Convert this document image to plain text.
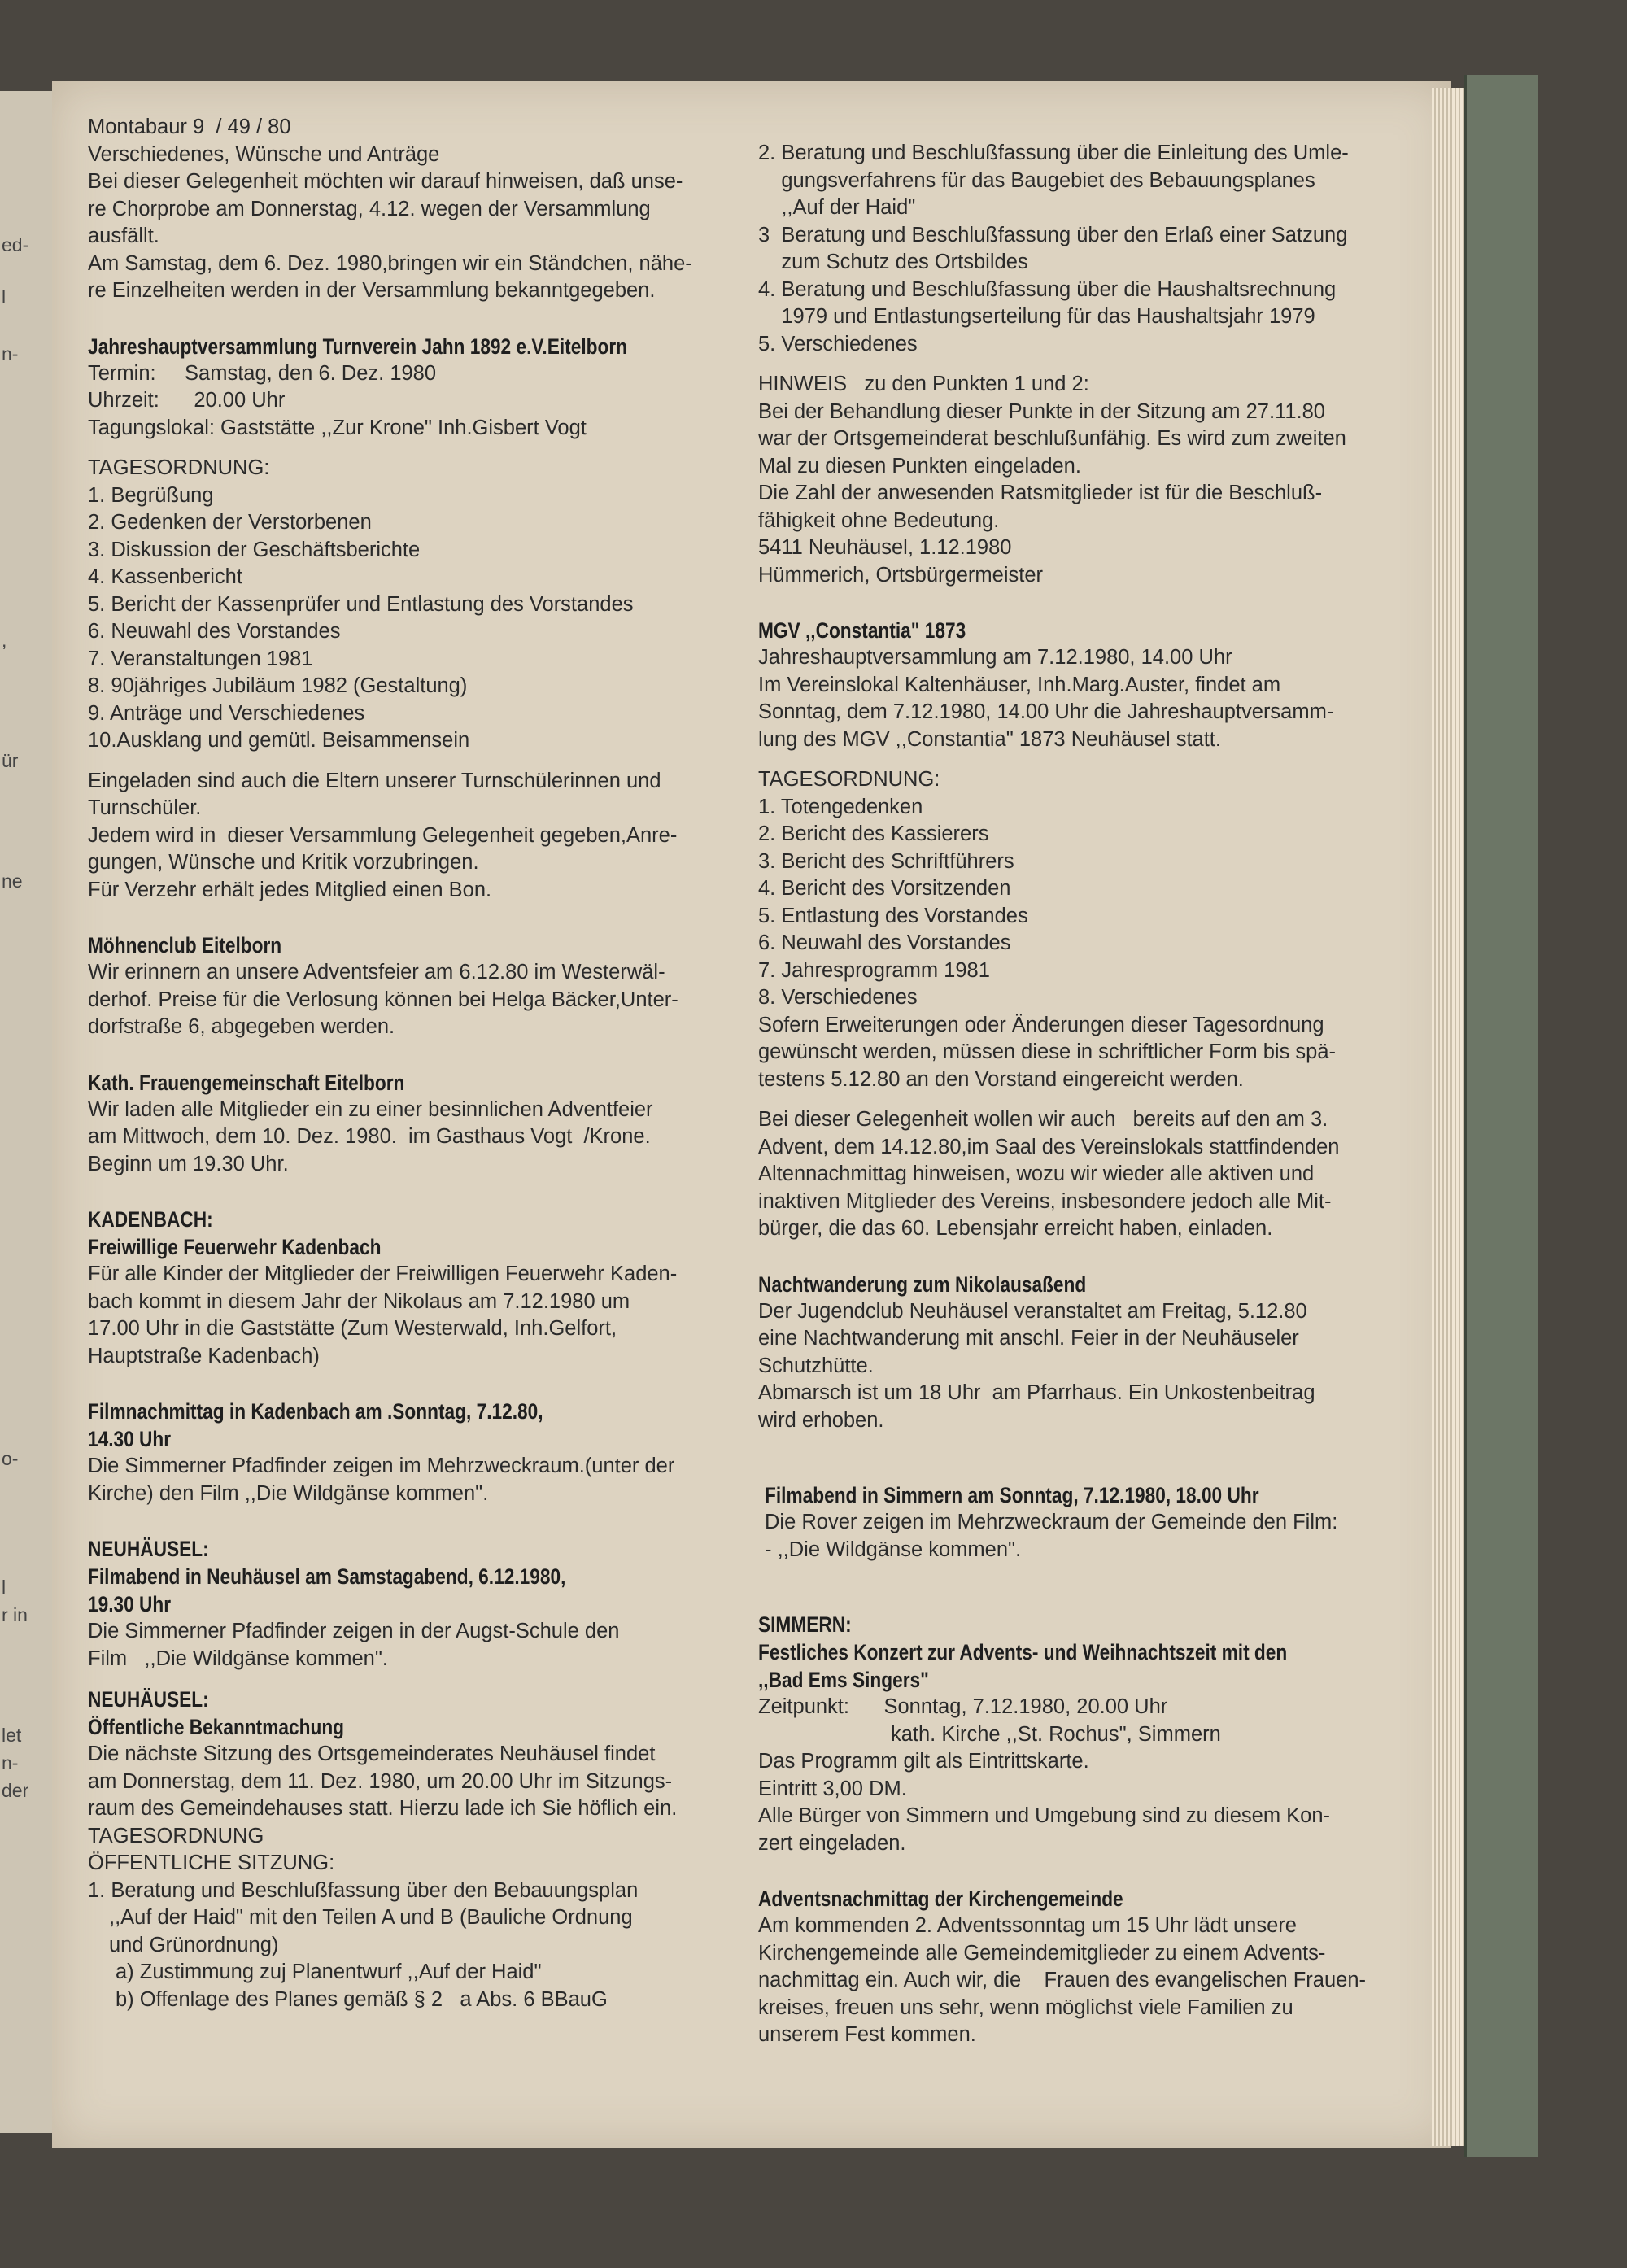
ed-
l
n-
,
ür
ne
o-
l
r in
let
n-
der
Montabaur 9  / 49 / 80
Verschiedenes, Wünsche und Anträge
Bei dieser Gelegenheit möchten wir darauf hinweisen, daß unse-
re Chorprobe am Donnerstag, 4.12. wegen der Versammlung
ausfällt.
Am Samstag, dem 6. Dez. 1980,bringen wir ein Ständchen, nähe-
re Einzelheiten werden in der Versammlung bekanntgegeben.
Jahreshauptversammlung Turnverein Jahn 1892 e.V.Eitelborn
Termin:     Samstag, den 6. Dez. 1980
Uhrzeit:      20.00 Uhr
Tagungslokal: Gaststätte ,,Zur Krone" Inh.Gisbert Vogt
TAGESORDNUNG:
1. Begrüßung
2. Gedenken der Verstorbenen
3. Diskussion der Geschäftsberichte
4. Kassenbericht
5. Bericht der Kassenprüfer und Entlastung des Vorstandes
6. Neuwahl des Vorstandes
7. Veranstaltungen 1981
8. 90jähriges Jubiläum 1982 (Gestaltung)
9. Anträge und Verschiedenes
10.Ausklang und gemütl. Beisammensein
Eingeladen sind auch die Eltern unserer Turnschülerinnen und
Turnschüler.
Jedem wird in  dieser Versammlung Gelegenheit gegeben,Anre-
gungen, Wünsche und Kritik vorzubringen.
Für Verzehr erhält jedes Mitglied einen Bon.
Möhnenclub Eitelborn
Wir erinnern an unsere Adventsfeier am 6.12.80 im Westerwäl-
derhof. Preise für die Verlosung können bei Helga Bäcker,Unter-
dorfstraße 6, abgegeben werden.
Kath. Frauengemeinschaft Eitelborn
Wir laden alle Mitglieder ein zu einer besinnlichen Adventfeier
am Mittwoch, dem 10. Dez. 1980.  im Gasthaus Vogt  /Krone.
Beginn um 19.30 Uhr.
KADENBACH:
Freiwillige Feuerwehr Kadenbach
Für alle Kinder der Mitglieder der Freiwilligen Feuerwehr Kaden-
bach kommt in diesem Jahr der Nikolaus am 7.12.1980 um
17.00 Uhr in die Gaststätte (Zum Westerwald, Inh.Gelfort,
Hauptstraße Kadenbach)
Filmnachmittag in Kadenbach am .Sonntag, 7.12.80,
14.30 Uhr
Die Simmerner Pfadfinder zeigen im Mehrzweckraum.(unter der
Kirche) den Film ,,Die Wildgänse kommen".
NEUHÄUSEL:
Filmabend in Neuhäusel am Samstagabend, 6.12.1980,
19.30 Uhr
Die Simmerner Pfadfinder zeigen in der Augst-Schule den
Film   ,,Die Wildgänse kommen".
NEUHÄUSEL:
Öffentliche Bekanntmachung
Die nächste Sitzung des Ortsgemeinderates Neuhäusel findet
am Donnerstag, dem 11. Dez. 1980, um 20.00 Uhr im Sitzungs-
raum des Gemeindehauses statt. Hierzu lade ich Sie höflich ein.
TAGESORDNUNG
ÖFFENTLICHE SITZUNG:
1. Beratung und Beschlußfassung über den Bebauungsplan
,,Auf der Haid" mit den Teilen A und B (Bauliche Ordnung
und Grünordnung)
a) Zustimmung zuj Planentwurf ,,Auf der Haid"
b) Offenlage des Planes gemäß § 2   a Abs. 6 BBauG
2. Beratung und Beschlußfassung über die Einleitung des Umle-
gungsverfahrens für das Baugebiet des Bebauungsplanes
,,Auf der Haid"
3  Beratung und Beschlußfassung über den Erlaß einer Satzung
zum Schutz des Ortsbildes
4. Beratung und Beschlußfassung über die Haushaltsrechnung
1979 und Entlastungserteilung für das Haushaltsjahr 1979
5. Verschiedenes
HINWEIS   zu den Punkten 1 und 2:
Bei der Behandlung dieser Punkte in der Sitzung am 27.11.80
war der Ortsgemeinderat beschlußunfähig. Es wird zum zweiten
Mal zu diesen Punkten eingeladen.
Die Zahl der anwesenden Ratsmitglieder ist für die Beschluß-
fähigkeit ohne Bedeutung.
5411 Neuhäusel, 1.12.1980
Hümmerich, Ortsbürgermeister
MGV ,,Constantia" 1873
Jahreshauptversammlung am 7.12.1980, 14.00 Uhr
Im Vereinslokal Kaltenhäuser, Inh.Marg.Auster, findet am
Sonntag, dem 7.12.1980, 14.00 Uhr die Jahreshauptversamm-
lung des MGV ,,Constantia" 1873 Neuhäusel statt.
TAGESORDNUNG:
1. Totengedenken
2. Bericht des Kassierers
3. Bericht des Schriftführers
4. Bericht des Vorsitzenden
5. Entlastung des Vorstandes
6. Neuwahl des Vorstandes
7. Jahresprogramm 1981
8. Verschiedenes
Sofern Erweiterungen oder Änderungen dieser Tagesordnung
gewünscht werden, müssen diese in schriftlicher Form bis spä-
testens 5.12.80 an den Vorstand eingereicht werden.
Bei dieser Gelegenheit wollen wir auch   bereits auf den am 3.
Advent, dem 14.12.80,im Saal des Vereinslokals stattfindenden
Altennachmittag hinweisen, wozu wir wieder alle aktiven und
inaktiven Mitglieder des Vereins, insbesondere jedoch alle Mit-
bürger, die das 60. Lebensjahr erreicht haben, einladen.
Nachtwanderung zum Nikolausaßend
Der Jugendclub Neuhäusel veranstaltet am Freitag, 5.12.80
eine Nachtwanderung mit anschl. Feier in der Neuhäuseler
Schutzhütte.
Abmarsch ist um 18 Uhr  am Pfarrhaus. Ein Unkostenbeitrag
wird erhoben.
Filmabend in Simmern am Sonntag, 7.12.1980, 18.00 Uhr
Die Rover zeigen im Mehrzweckraum der Gemeinde den Film:
- ,,Die Wildgänse kommen".
SIMMERN:
Festliches Konzert zur Advents- und Weihnachtszeit mit den
,,Bad Ems Singers"
Zeitpunkt:      Sonntag, 7.12.1980, 20.00 Uhr
kath. Kirche ,,St. Rochus", Simmern
Das Programm gilt als Eintrittskarte.
Eintritt 3,00 DM.
Alle Bürger von Simmern und Umgebung sind zu diesem Kon-
zert eingeladen.
Adventsnachmittag der Kirchengemeinde
Am kommenden 2. Adventssonntag um 15 Uhr lädt unsere
Kirchengemeinde alle Gemeindemitglieder zu einem Advents-
nachmittag ein. Auch wir, die    Frauen des evangelischen Frauen-
kreises, freuen uns sehr, wenn möglichst viele Familien zu
unserem Fest kommen.
